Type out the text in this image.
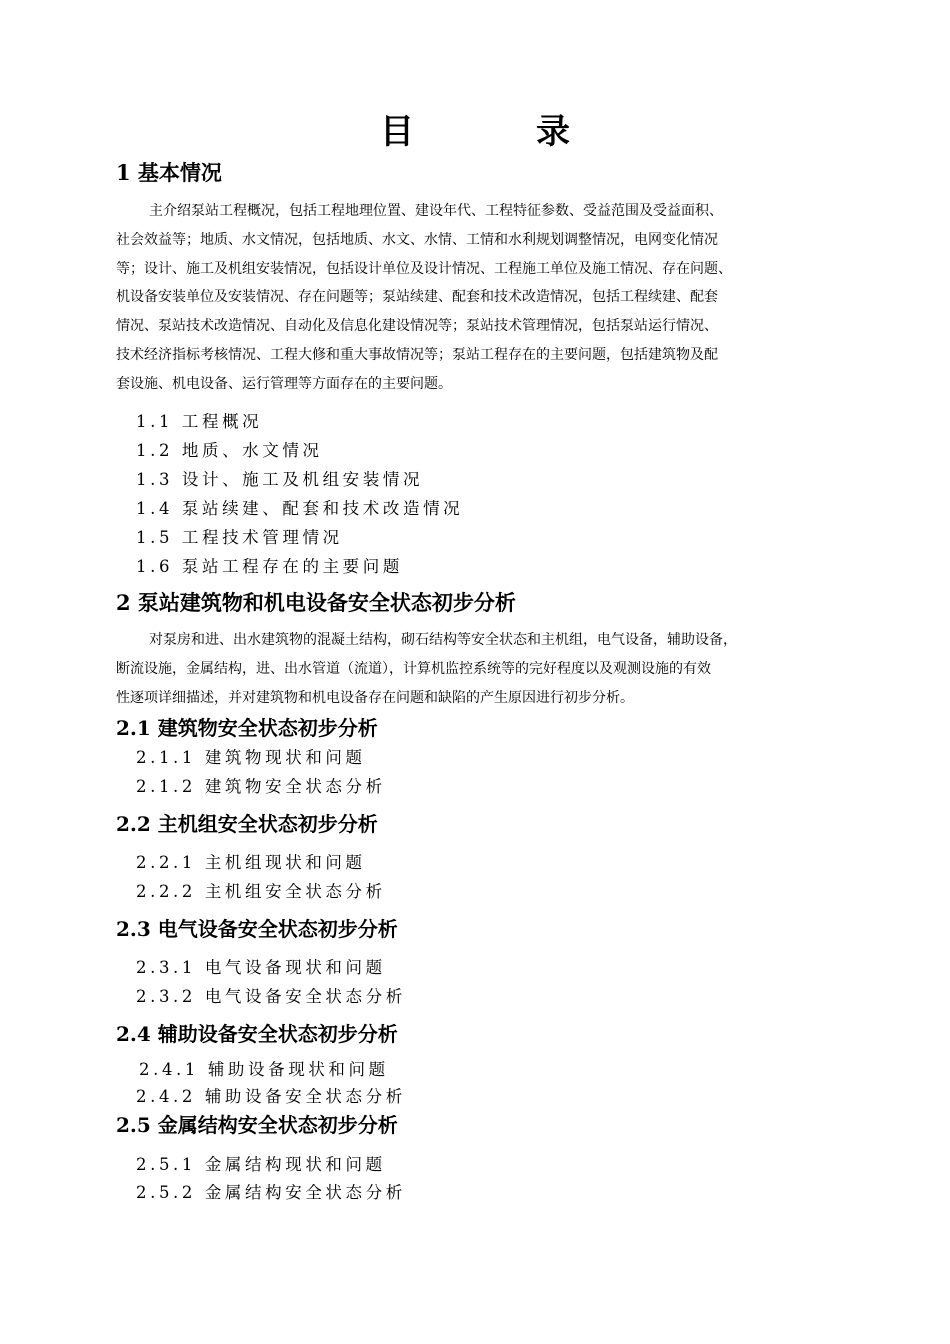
目　录
1 基本情况
主介绍泵站工程概况，包括工程地理位置、建设年代、工程特征参数、受益范围及受益面积、
社会效益等；地质、水文情况，包括地质、水文、水情、工情和水利规划调整情况，电网变化情况
等；设计、施工及机组安装情况，包括设计单位及设计情况、工程施工单位及施工情况、存在问题、
机设备安装单位及安装情况、存在问题等；泵站续建、配套和技术改造情况，包括工程续建、配套
情况、泵站技术改造情况、自动化及信息化建设情况等；泵站技术管理情况，包括泵站运行情况、
技术经济指标考核情况、工程大修和重大事故情况等；泵站工程存在的主要问题，包括建筑物及配
套设施、机电设备、运行管理等方面存在的主要问题。
1.1 工程概况
1.2 地质、水文情况
1.3 设计、施工及机组安装情况
1.4 泵站续建、配套和技术改造情况
1.5 工程技术管理情况
1.6 泵站工程存在的主要问题
2 泵站建筑物和机电设备安全状态初步分析
对泵房和进、出水建筑物的混凝土结构，砌石结构等安全状态和主机组，电气设备，辅助设备，
断流设施，金属结构，进、出水管道（流道），计算机监控系统等的完好程度以及观测设施的有效
性逐项详细描述，并对建筑物和机电设备存在问题和缺陷的产生原因进行初步分析。
2.1 建筑物安全状态初步分析
2.1.1 建筑物现状和问题
2.1.2 建筑物安全状态分析
2.2 主机组安全状态初步分析
2.2.1 主机组现状和问题
2.2.2 主机组安全状态分析
2.3 电气设备安全状态初步分析
2.3.1 电气设备现状和问题
2.3.2 电气设备安全状态分析
2.4 辅助设备安全状态初步分析
2.4.1 辅助设备现状和问题
2.4.2 辅助设备安全状态分析
2.5 金属结构安全状态初步分析
2.5.1 金属结构现状和问题
2.5.2 金属结构安全状态分析
